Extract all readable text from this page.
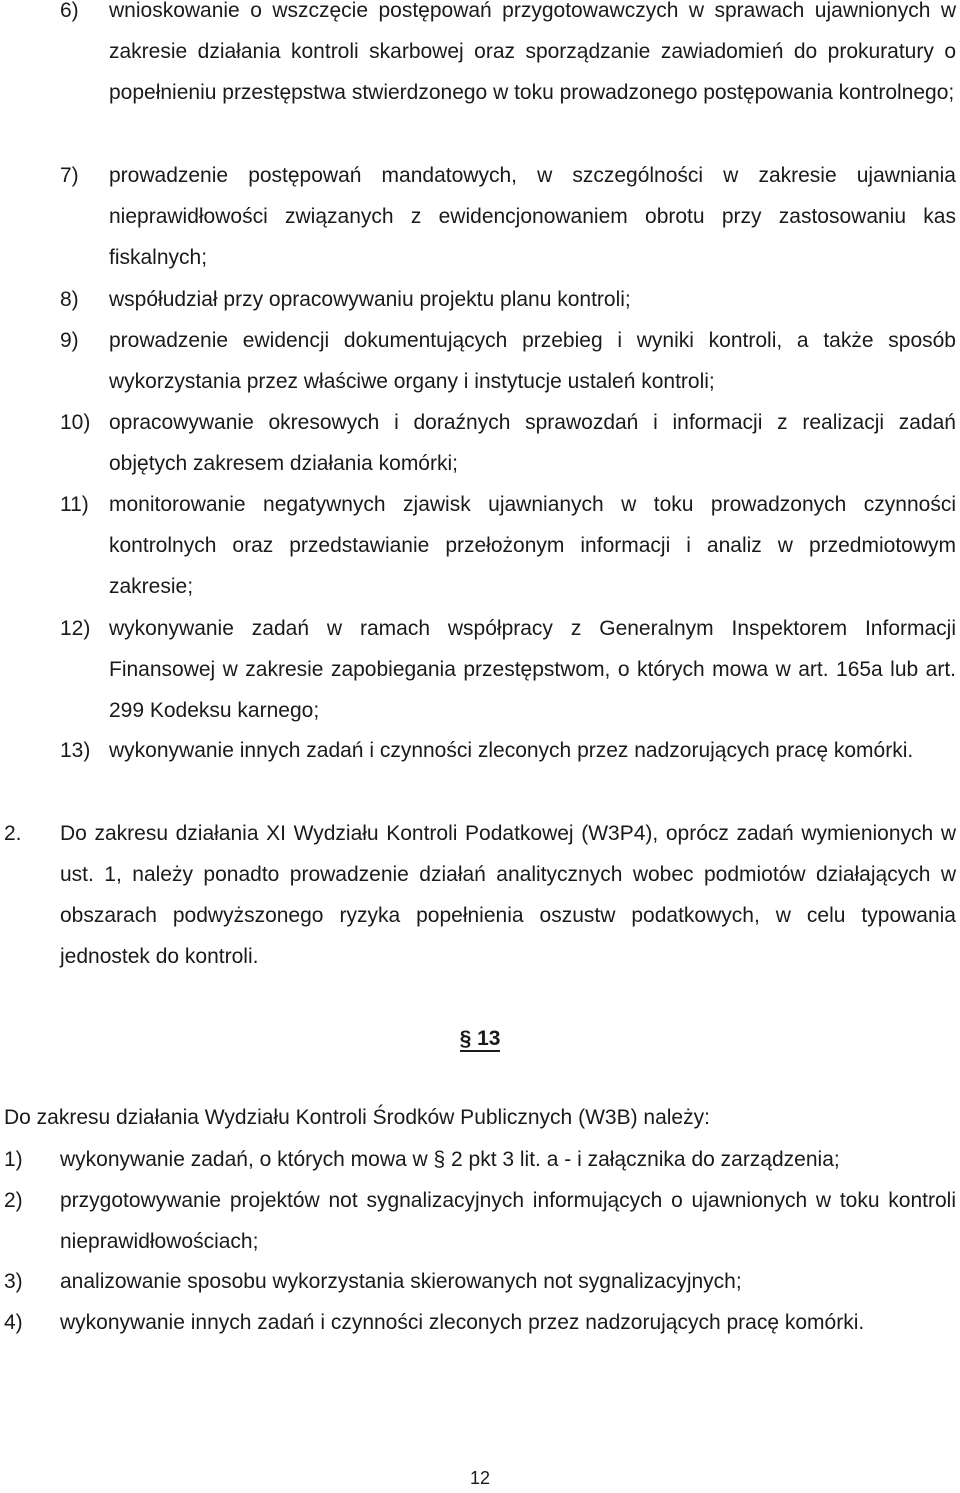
6) wnioskowanie o wszczęcie postępowań przygotowawczych w sprawach ujawnionych w zakresie działania kontroli skarbowej oraz sporządzanie zawiadomień do prokuratury o popełnieniu przestępstwa stwierdzonego w toku prowadzonego postępowania kontrolnego;
7) prowadzenie postępowań mandatowych, w szczególności w zakresie ujawniania nieprawidłowości związanych z ewidencjonowaniem obrotu przy zastosowaniu kas fiskalnych;
8) współudział przy opracowywaniu projektu planu kontroli;
9) prowadzenie ewidencji dokumentujących przebieg i wyniki kontroli, a także sposób wykorzystania przez właściwe organy i instytucje ustaleń kontroli;
10) opracowywanie okresowych i doraźnych sprawozdań i informacji z realizacji zadań objętych zakresem działania komórki;
11) monitorowanie negatywnych zjawisk ujawnianych w toku prowadzonych czynności kontrolnych oraz przedstawianie przełożonym informacji i analiz w przedmiotowym zakresie;
12) wykonywanie zadań w ramach współpracy z Generalnym Inspektorem Informacji Finansowej w zakresie zapobiegania przestępstwom, o których mowa w art. 165a lub art. 299 Kodeksu karnego;
13) wykonywanie innych zadań i czynności zleconych przez nadzorujących pracę komórki.
2. Do zakresu działania XI Wydziału Kontroli Podatkowej (W3P4), oprócz zadań wymienionych w ust. 1, należy ponadto prowadzenie działań analitycznych wobec podmiotów działających w obszarach podwyższonego ryzyka popełnienia oszustw podatkowych, w celu typowania jednostek do kontroli.
§ 13
Do zakresu działania Wydziału Kontroli Środków Publicznych (W3B) należy:
1) wykonywanie zadań, o których mowa w § 2 pkt 3 lit. a - i załącznika do zarządzenia;
2) przygotowywanie projektów not sygnalizacyjnych informujących o ujawnionych w toku kontroli nieprawidłowościach;
3) analizowanie sposobu wykorzystania skierowanych not sygnalizacyjnych;
4) wykonywanie innych zadań i czynności zleconych przez nadzorujących pracę komórki.
12
